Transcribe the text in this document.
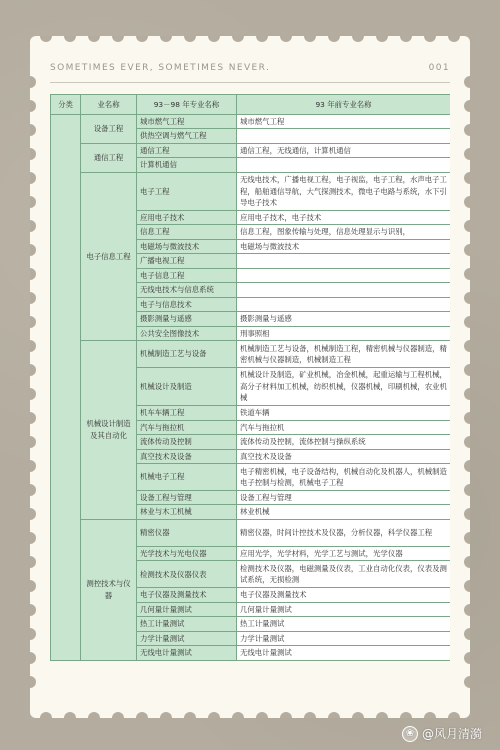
SOMETIMES EVER, SOMETIMES NEVER.	001
分类	业名称	93－98 年专业名称	93 年前专业名称
	设备工程	城市燃气工程	城市燃气工程
		供热空调与燃气工程	
	通信工程	通信工程	通信工程，无线通信，计算机通信
		计算机通信	
	电子信息工程	电子工程	无线电技术，广播电视工程，电子视监，电子工程，水声电子工程，船舶通信导航，大气探测技术，微电子电路与系统，水下引导电子技术
		应用电子技术	应用电子技术，电子技术
		信息工程	信息工程，图象传输与处理，信息处理显示与识别，
		电磁场与微波技术	电磁场与微波技术
		广播电视工程	
		电子信息工程	
		无线电技术与信息系统	
		电子与信息技术	
		摄影测量与遥感	摄影测量与遥感
		公共安全图像技术	刑事照相
	机械设计制造及其自动化	机械制造工艺与设备	机械制造工艺与设备，机械制造工程，精密机械与仪器制造，精密机械与仪器制造，机械制造工程
		机械设计及制造	机械设计及制造，矿业机械，冶金机械，起重运输与工程机械，高分子材料加工机械，纺织机械，仪器机械，印刷机械，农业机械
		机车车辆工程	铁道车辆
		汽车与拖拉机	汽车与拖拉机
		流体传动及控制	流体传动及控制，流体控制与操纵系统
		真空技术及设备	真空技术及设备
		机械电子工程	电子精密机械，电子设备结构，机械自动化及机器人，机械制造电子控制与检测，机械电子工程
		设备工程与管理	设备工程与管理
		林业与木工机械	林业机械
	测控技术与仪器	精密仪器	精密仪器，时间计控技术及仪器，分析仪器，科学仪器工程
		光学技术与光电仪器	应用光学，光学材料，光学工艺与测试，光学仪器
		检测技术及仪器仪表	检测技术及仪器，电磁测量及仪表，工业自动化仪表，仪表及测试系统，无损检测
		电子仪器及测量技术	电子仪器及测量技术
		几何量计量测试	几何量计量测试
		热工计量测试	热工计量测试
		力学计量测试	力学计量测试
		无线电计量测试	无线电计量测试
❀ @风月清漪
